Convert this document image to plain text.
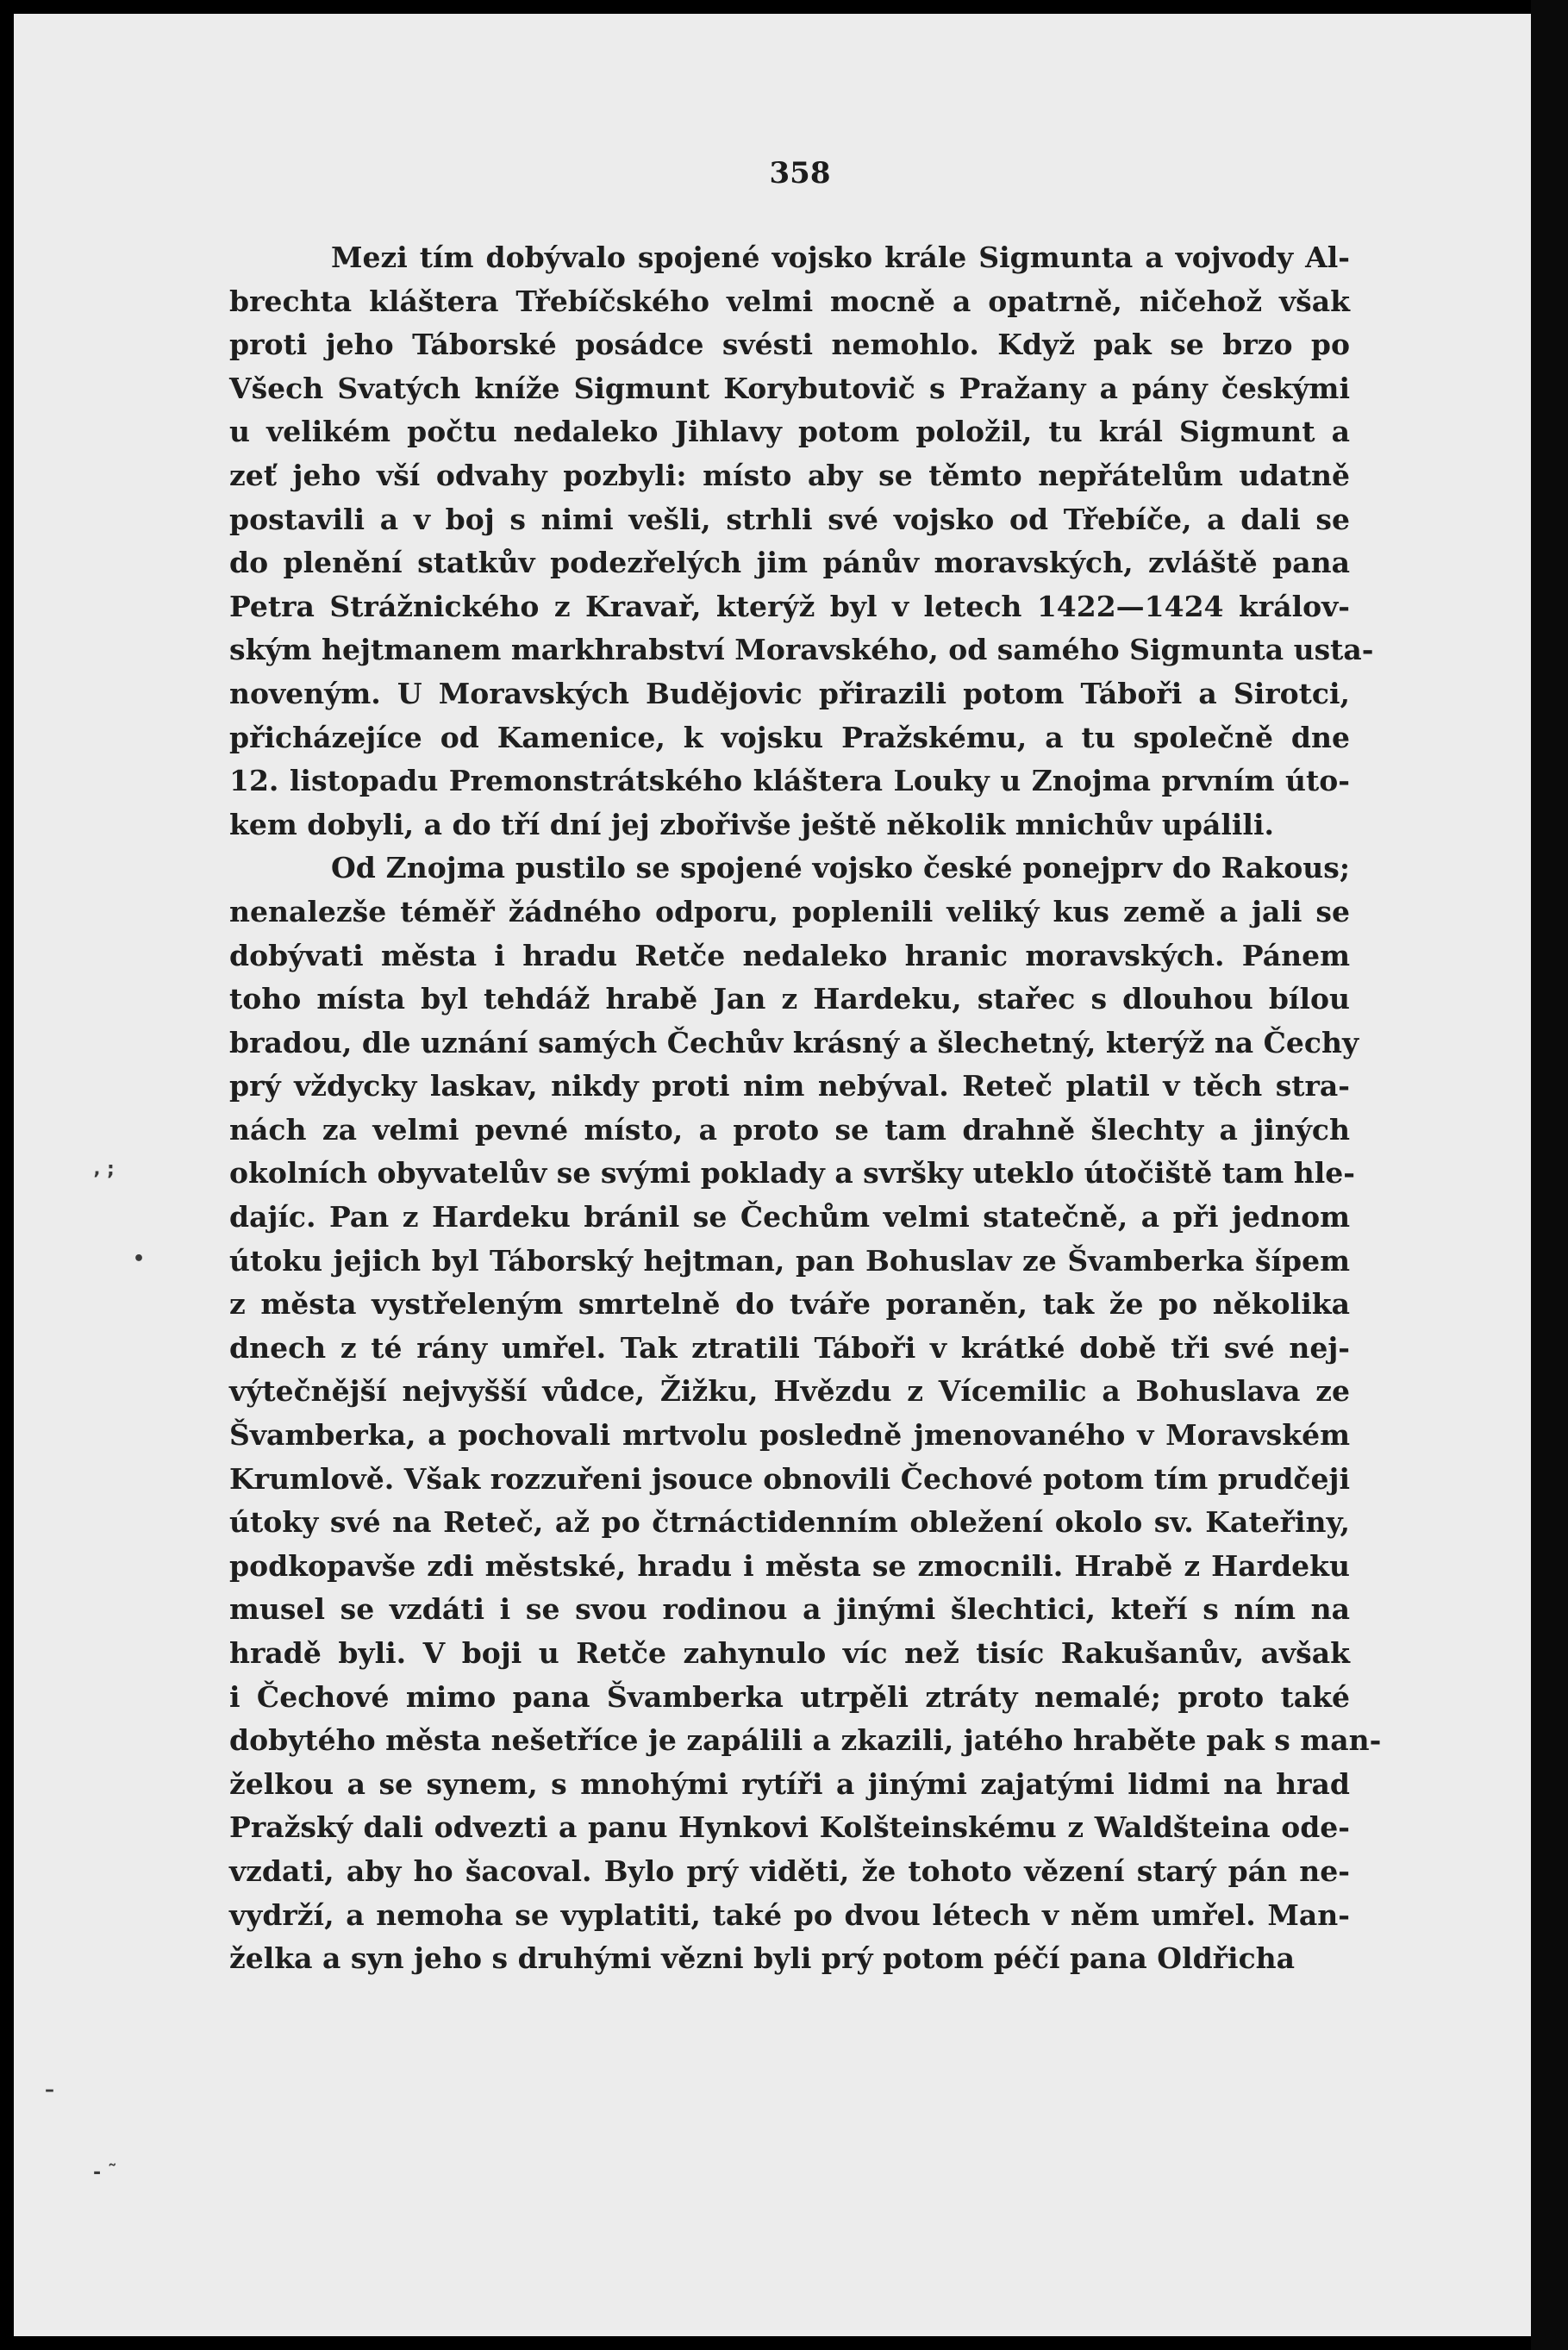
358
Mezi tím dobývalo spojené vojsko krále Sigmunta a vojvody Al-
brechta kláštera Třebíčského velmi mocně a opatrně, ničehož však
proti jeho Táborské posádce svésti nemohlo. Když pak se brzo po
Všech Svatých kníže Sigmunt Korybutovič s Pražany a pány českými
u velikém počtu nedaleko Jihlavy potom položil, tu král Sigmunt a
zeť jeho vší odvahy pozbyli: místo aby se těmto nepřátelům udatně
postavili a v boj s nimi vešli, strhli své vojsko od Třebíče, a dali se
do plenění statkův podezřelých jim pánův moravských, zvláště pana
Petra Strážnického z Kravař, kterýž byl v letech 1422—1424 králov-
ským hejtmanem markhrabství Moravského, od samého Sigmunta usta-
noveným. U Moravských Budějovic přirazili potom Táboři a Sirotci,
přicházejíce od Kamenice, k vojsku Pražskému, a tu společně dne
12. listopadu Premonstrátského kláštera Louky u Znojma prvním úto-
kem dobyli, a do tří dní jej zbořivše ještě několik mnichův upálili.
Od Znojma pustilo se spojené vojsko české ponejprv do Rakous;
nenalezše téměř žádného odporu, poplenili veliký kus země a jali se
dobývati města i hradu Retče nedaleko hranic moravských. Pánem
toho místa byl tehdáž hrabě Jan z Hardeku, stařec s dlouhou bílou
bradou, dle uznání samých Čechův krásný a šlechetný, kterýž na Čechy
prý vždycky laskav, nikdy proti nim nebýval. Reteč platil v těch stra-
nách za velmi pevné místo, a proto se tam drahně šlechty a jiných
okolních obyvatelův se svými poklady a svršky uteklo útočiště tam hle-
dajíc. Pan z Hardeku bránil se Čechům velmi statečně, a při jednom
útoku jejich byl Táborský hejtman, pan Bohuslav ze Švamberka šípem
z města vystřeleným smrtelně do tváře poraněn, tak že po několika
dnech z té rány umřel. Tak ztratili Táboři v krátké době tři své nej-
výtečnější nejvyšší vůdce, Žižku, Hvězdu z Vícemilic a Bohuslava ze
Švamberka, a pochovali mrtvolu posledně jmenovaného v Moravském
Krumlově. Však rozzuřeni jsouce obnovili Čechové potom tím prudčeji
útoky své na Reteč, až po čtrnáctidenním obležení okolo sv. Kateřiny,
podkopavše zdi městské, hradu i města se zmocnili. Hrabě z Hardeku
musel se vzdáti i se svou rodinou a jinými šlechtici, kteří s ním na
hradě byli. V boji u Retče zahynulo víc než tisíc Rakušanův, avšak
i Čechové mimo pana Švamberka utrpěli ztráty nemalé; proto také
dobytého města nešetříce je zapálili a zkazili, jatého hraběte pak s man-
želkou a se synem, s mnohými rytíři a jinými zajatými lidmi na hrad
Pražský dali odvezti a panu Hynkovi Kolšteinskému z Waldšteina ode-
vzdati, aby ho šacoval. Bylo prý viděti, že tohoto vězení starý pán ne-
vydrží, a nemoha se vyplatiti, také po dvou létech v něm umřel. Man-
želka a syn jeho s druhými vězni byli prý potom péčí pana Oldřicha
‚ ;
•
–
- ˜
